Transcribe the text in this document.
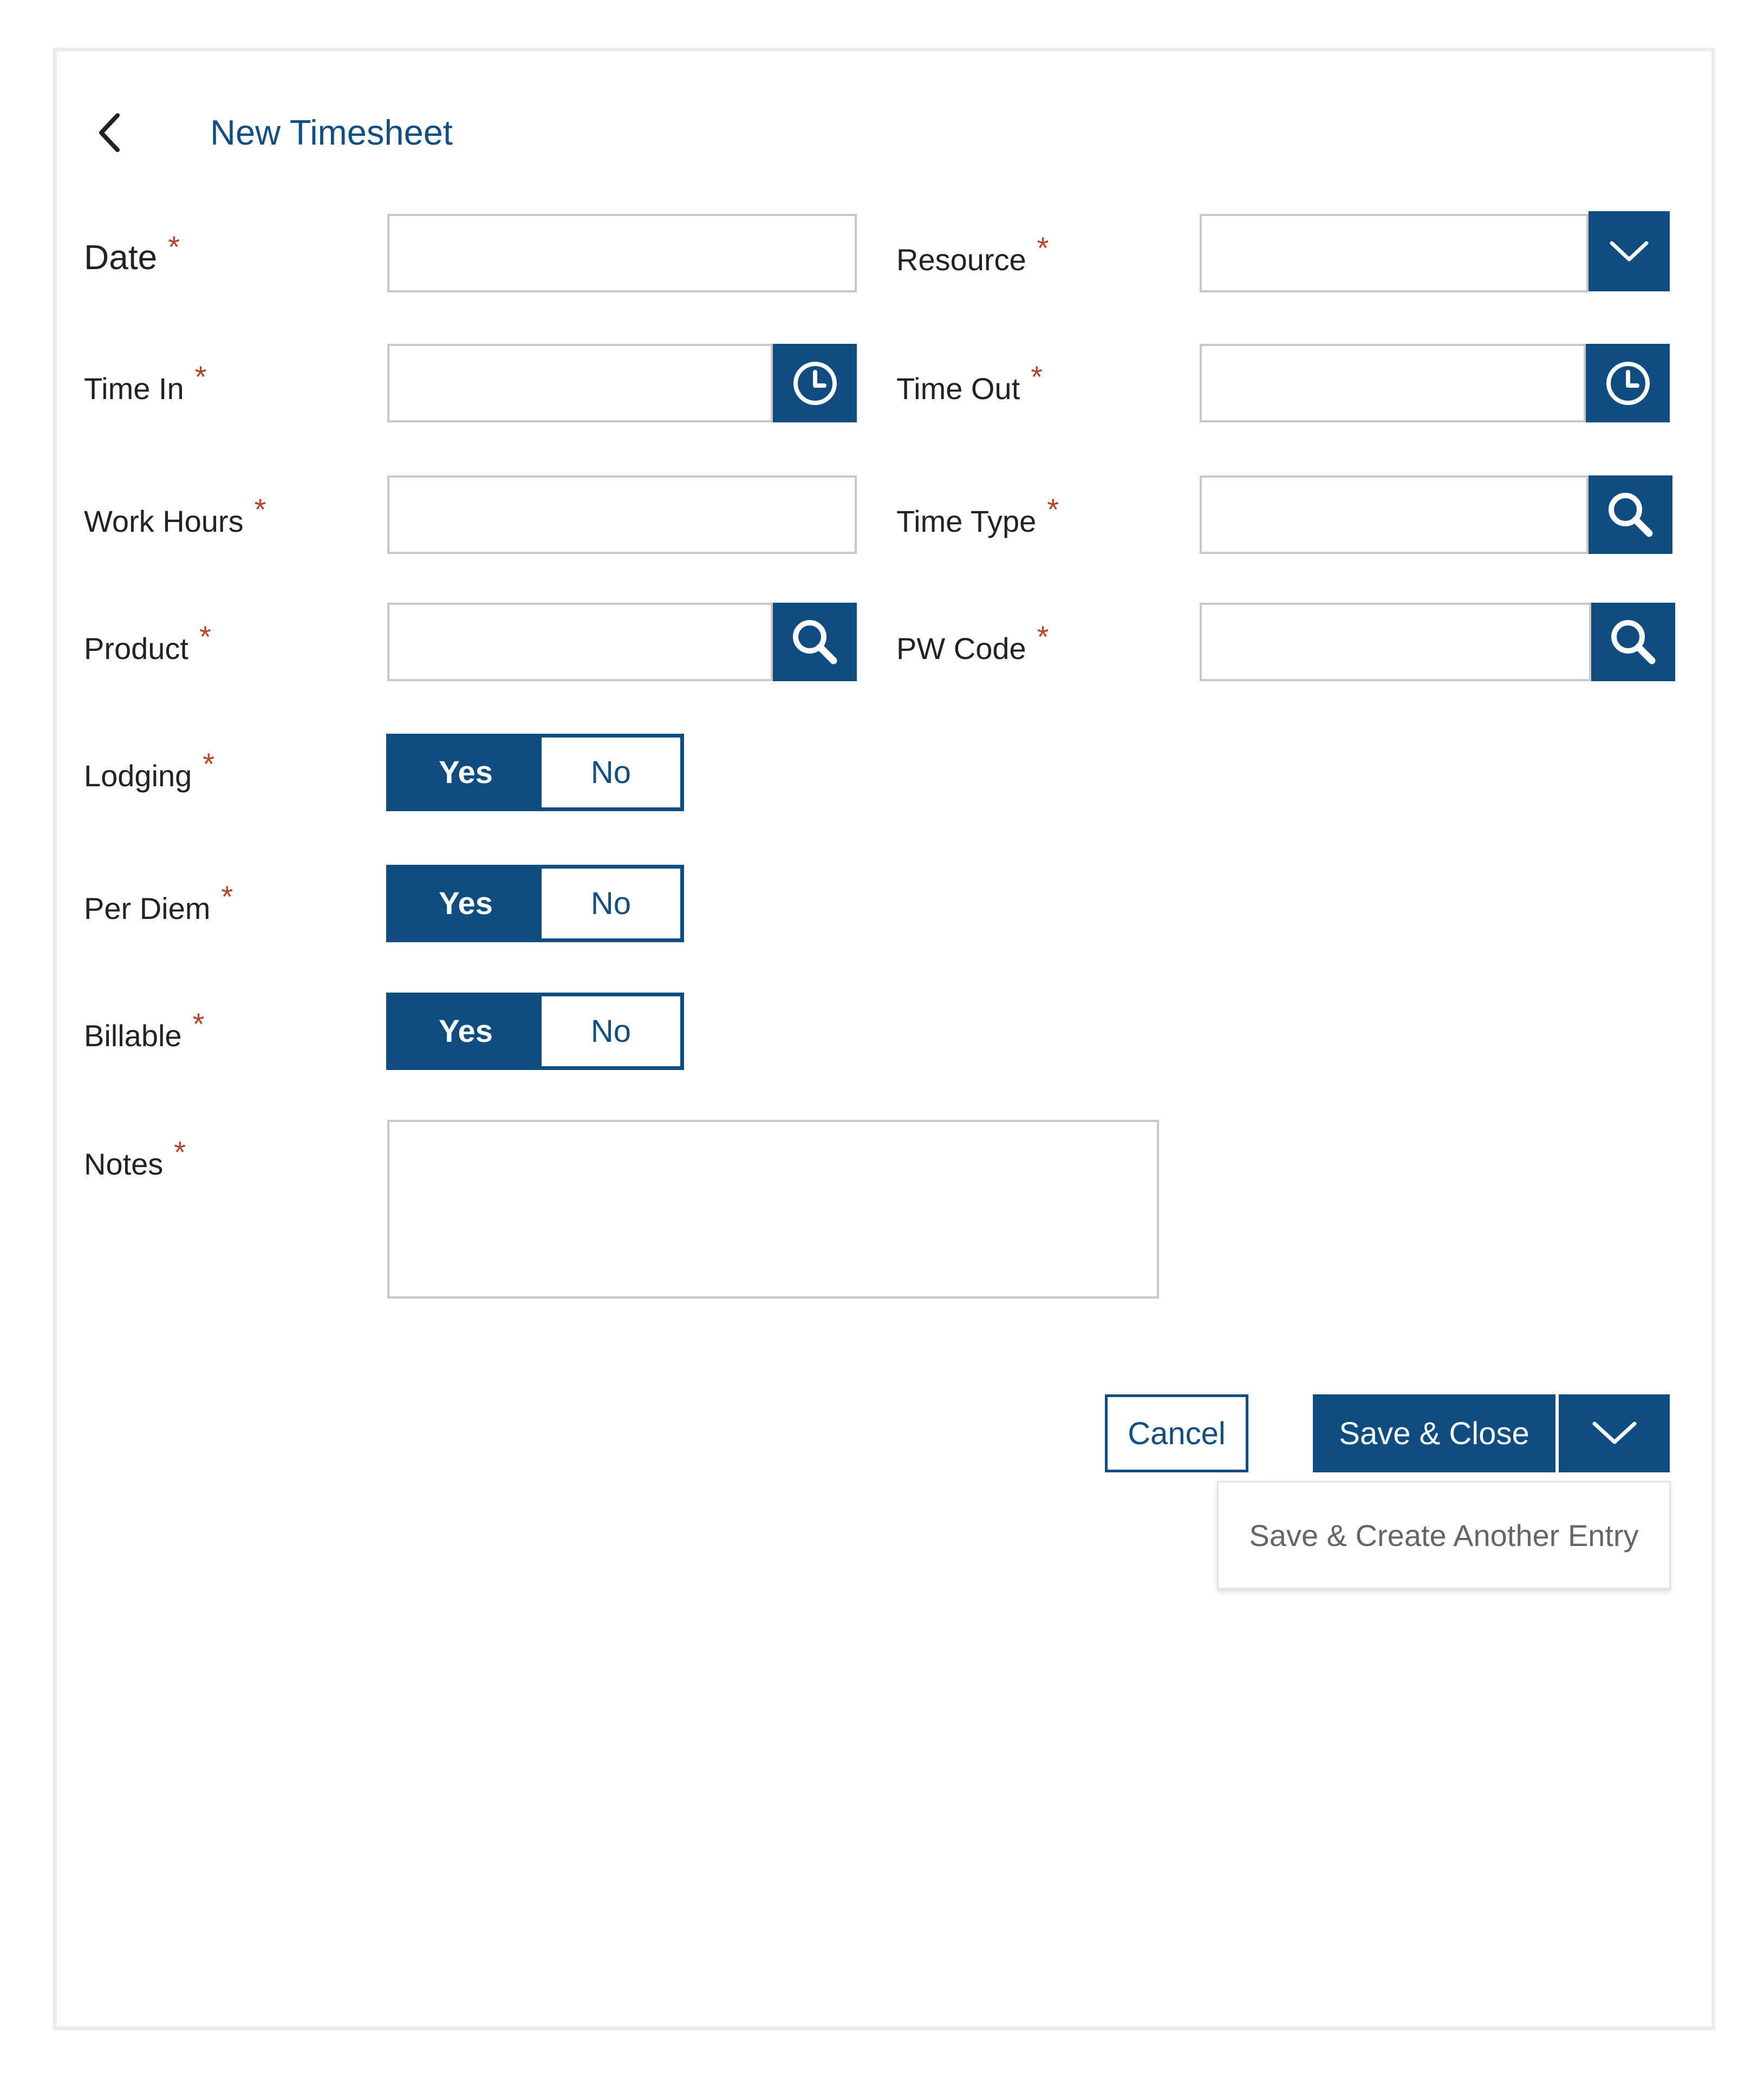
New Timesheet
Date *	Resource *
Time In *	Time Out *
Work Hours *	Time Type *
Product *	PW Code *
Lodging *	Yes	No
Per Diem *	Yes	No
Billable *	Yes	No
Notes *
Cancel	Save & Close
Save & Create Another Entry
